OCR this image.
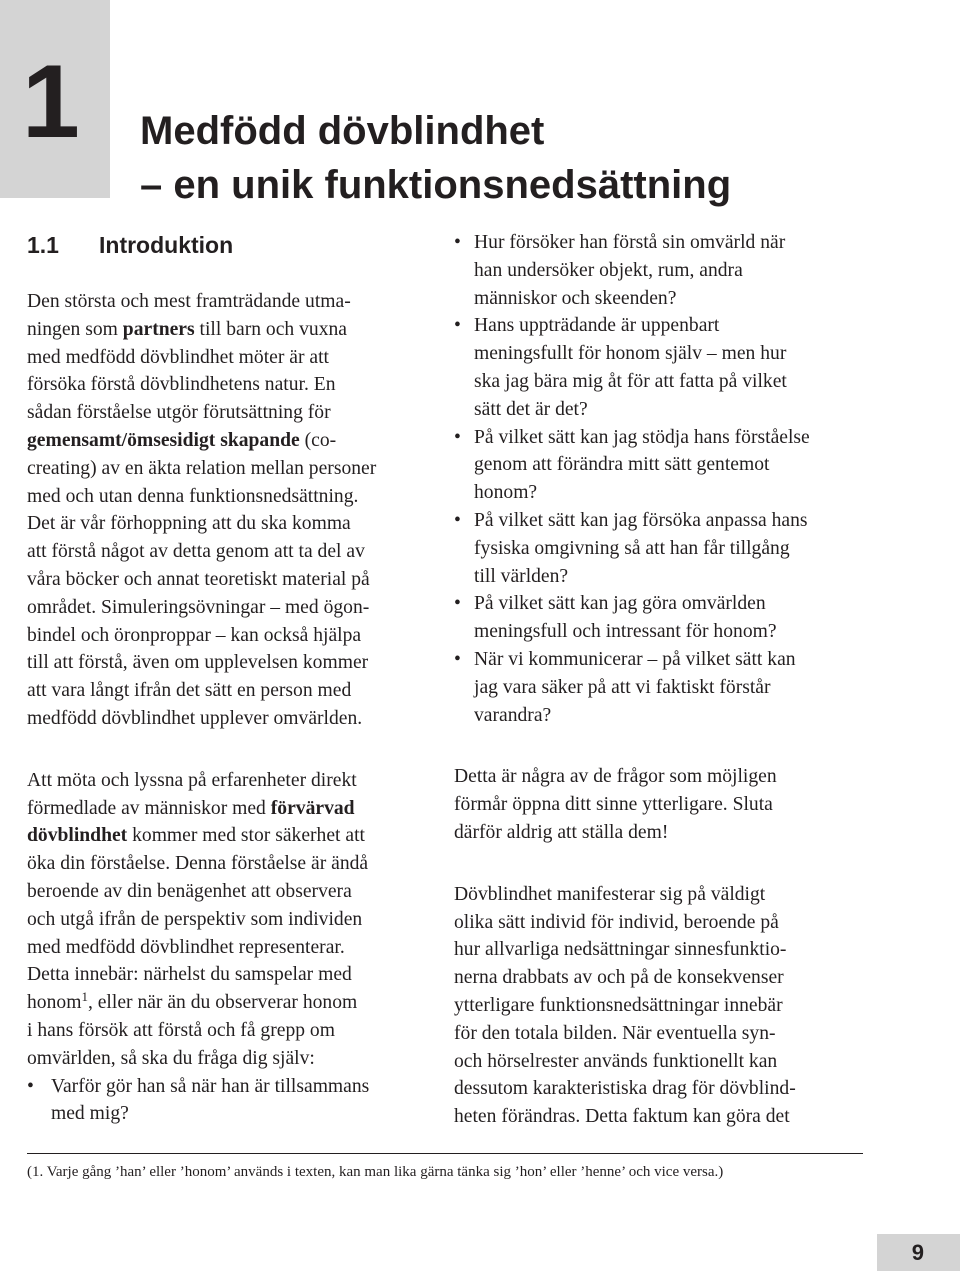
1 Medfödd dövblindhet
– en unik funktionsnedsättning
1.1 Introduktion

Den största och mest framträdande utma-
ningen som partners till barn och vuxna
med medfödd dövblindhet möter är att
försöka förstå dövblindhetens natur. En
sådan förståelse utgör förutsättning för
gemensamt/ömsesidigt skapande (co-
creating) av en äkta relation mellan personer
med och utan denna funktionsnedsättning.
Det är vår förhoppning att du ska komma
att förstå något av detta genom att ta del av
våra böcker och annat teoretiskt material på
området. Simuleringsövningar – med ögon-
bindel och öronproppar – kan också hjälpa
till att förstå, även om upplevelsen kommer
att vara långt ifrån det sätt en person med
medfödd dövblindhet upplever omvärlden.

Att möta och lyssna på erfarenheter direkt
förmedlade av människor med förvärvad
dövblindhet kommer med stor säkerhet att
öka din förståelse. Denna förståelse är ändå
beroende av din benägenhet att observera
och utgå ifrån de perspektiv som individen
med medfödd dövblindhet representerar.
Detta innebär: närhelst du samspelar med
honom$^1$, eller när än du observerar honom
i hans försök att förstå och få grepp om
omvärlden, så ska du fråga dig själv:

• Varför gör han så när han är tillsammans
med mig?
• Hur försöker han förstå sin omvärld när
han undersöker objekt, rum, andra
människor och skeenden?
• Hans uppträdande är uppenbart
meningsfullt för honom själv – men hur
ska jag bära mig åt för att fatta på vilket
sätt det är det?
• På vilket sätt kan jag stödja hans förståelse
genom att förändra mitt sätt gentemot
honom?
• På vilket sätt kan jag försöka anpassa hans
fysiska omgivning så att han får tillgång
till världen?
• På vilket sätt kan jag göra omvärlden
meningsfull och intressant för honom?
• När vi kommunicerar – på vilket sätt kan
jag vara säker på att vi faktiskt förstår
varandra?

Detta är några av de frågor som möjligen
förmår öppna ditt sinne ytterligare. Sluta
därför aldrig att ställa dem!

Dövblindhet manifesterar sig på väldigt
olika sätt individ för individ, beroende på
hur allvarliga nedsättningar sinnesfunktio-
nerna drabbats av och på de konsekvenser
ytterligare funktionsnedsättningar innebär
för den totala bilden. När eventuella syn-
och hörselrester används funktionellt kan
dessutom karakteristiska drag för dövblind-
heten förändras. Detta faktum kan göra det

(1. Varje gång ’han’ eller ’honom’ används i texten, kan man lika gärna tänka sig ’hon’ eller ’henne’ och vice versa.)
9
